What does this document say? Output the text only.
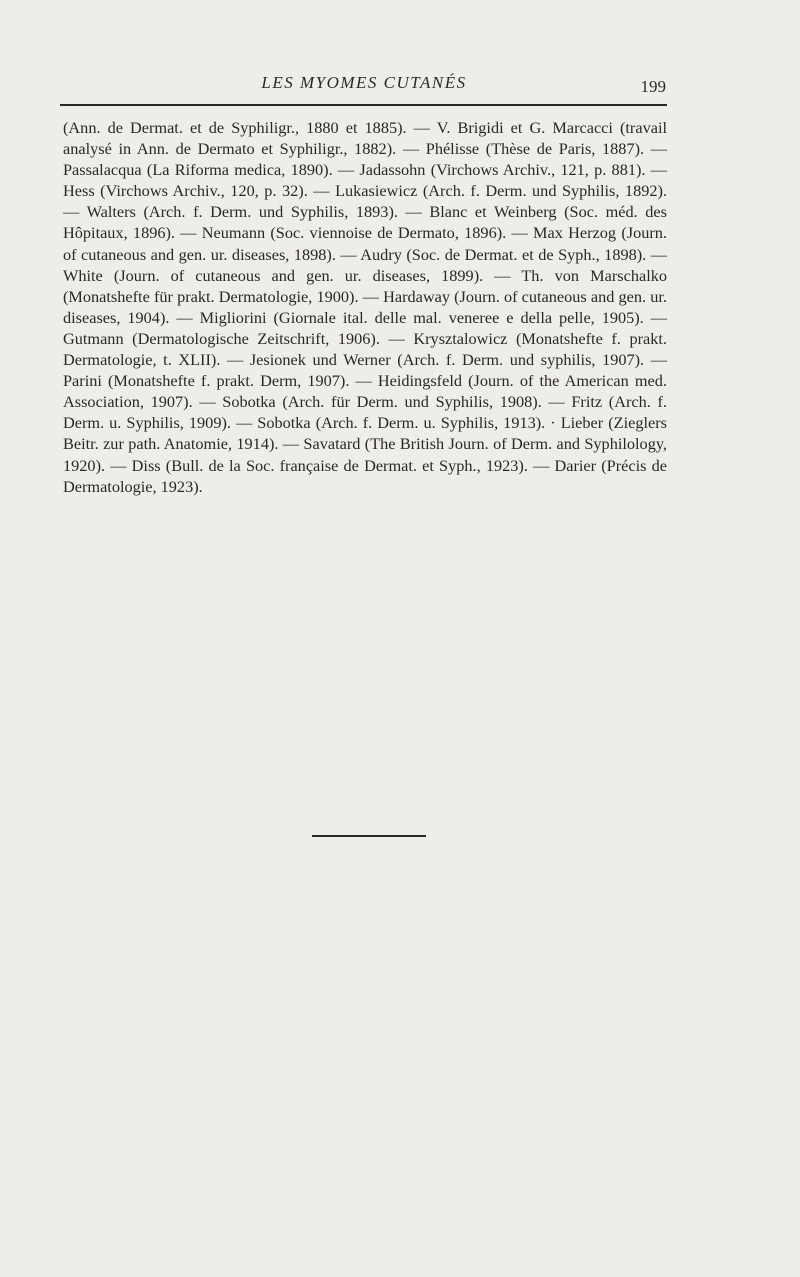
LES MYOMES CUTANÉS	199

(Ann. de Dermat. et de Syphiligr., 1880 et 1885). — V. Brigidi et G. Marcacci (travail analysé in Ann. de Dermato et Syphiligr., 1882). — Phélisse (Thèse de Paris, 1887). — Passalacqua (La Riforma medica, 1890). — Jadassohn (Virchows Archiv., 121, p. 881). — Hess (Virchows Archiv., 120, p. 32). — Lukasiewicz (Arch. f. Derm. und Syphilis, 1892). — Walters (Arch. f. Derm. und Syphilis, 1893). — Blanc et Weinberg (Soc. méd. des Hôpitaux, 1896). — Neumann (Soc. viennoise de Dermato, 1896). — Max Herzog (Journ. of cutaneous and gen. ur. diseases, 1898). — Audry (Soc. de Dermat. et de Syph., 1898). — White (Journ. of cutaneous and gen. ur. diseases, 1899). — Th. von Marschalko (Monatshefte für prakt. Dermatologie, 1900). — Hardaway (Journ. of cutaneous and gen. ur. diseases, 1904). — Migliorini (Giornale ital. delle mal. veneree e della pelle, 1905). — Gutmann (Dermatologische Zeitschrift, 1906). — Krysztalowicz (Monatshefte f. prakt. Dermatologie, t. XLII). — Jesionek und Werner (Arch. f. Derm. und syphilis, 1907). — Parini (Monatshefte f. prakt. Derm, 1907). — Heidingsfeld (Journ. of the American med. Association, 1907). — Sobotka (Arch. für Derm. und Syphilis, 1908). — Fritz (Arch. f. Derm. u. Syphilis, 1909). — Sobotka (Arch. f. Derm. u. Syphilis, 1913). · Lieber (Zieglers Beitr. zur path. Anatomie, 1914). — Savatard (The British Journ. of Derm. and Syphilology, 1920). — Diss (Bull. de la Soc. française de Dermat. et Syph., 1923). — Darier (Précis de Dermatologie, 1923).
